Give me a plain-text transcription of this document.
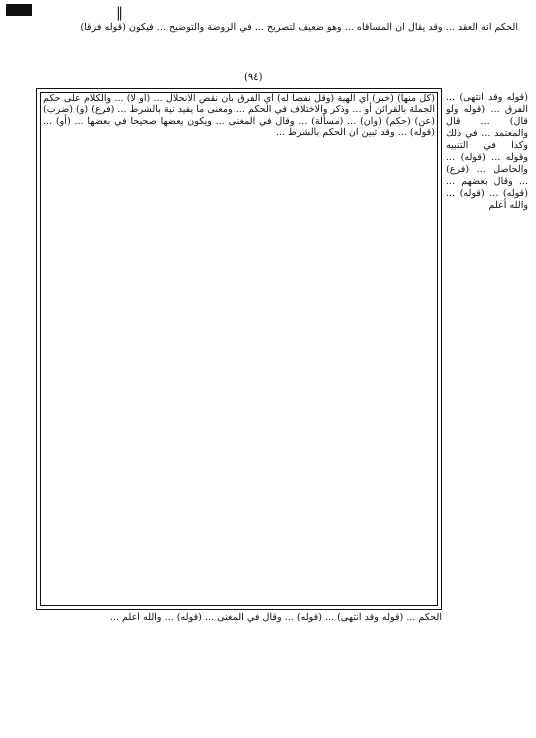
‖
الحكم انه العقد ... وقد يقال ان المساقاه ... وهو ضعيف لتصريح ... في الروضة والتوضيح ... فيكون (قوله فرقا)
(٩٤)
(كل منها) (خبر) أي الهبة (وقل نفصا له) أي الفرق بان نقص الانحلال ... (أو لا) ... والكلام على حكم الجملة بالقرائن أو ... وذكر والاختلاف في الحكم ... ومعنى ما يفيد نية بالشرط ... (فرع) (و) (ضرب) (عن) (حكم) (وان) ... (مسألة) ... وقال في المغنى ... ويكون بعضها صحيحا في بعضها ... (أو) ... (قوله) ... وقد تبين ان الحكم بالشرط ...
(قوله وقد انتهى) ... الفرق ... (قوله ولو قال) ... قال والمعتمد ... في ذلك وكذا في التنبيه وقوله ... (قوله) ... والحاصل ... (فرع) ... وقال بعضهم ... (قوله) ... (قوله) ... والله أعلم
الحكم ... (قوله وقد انتهى) ... (قوله) ... وقال في المغنى ... (قوله) ... والله أعلم ...
